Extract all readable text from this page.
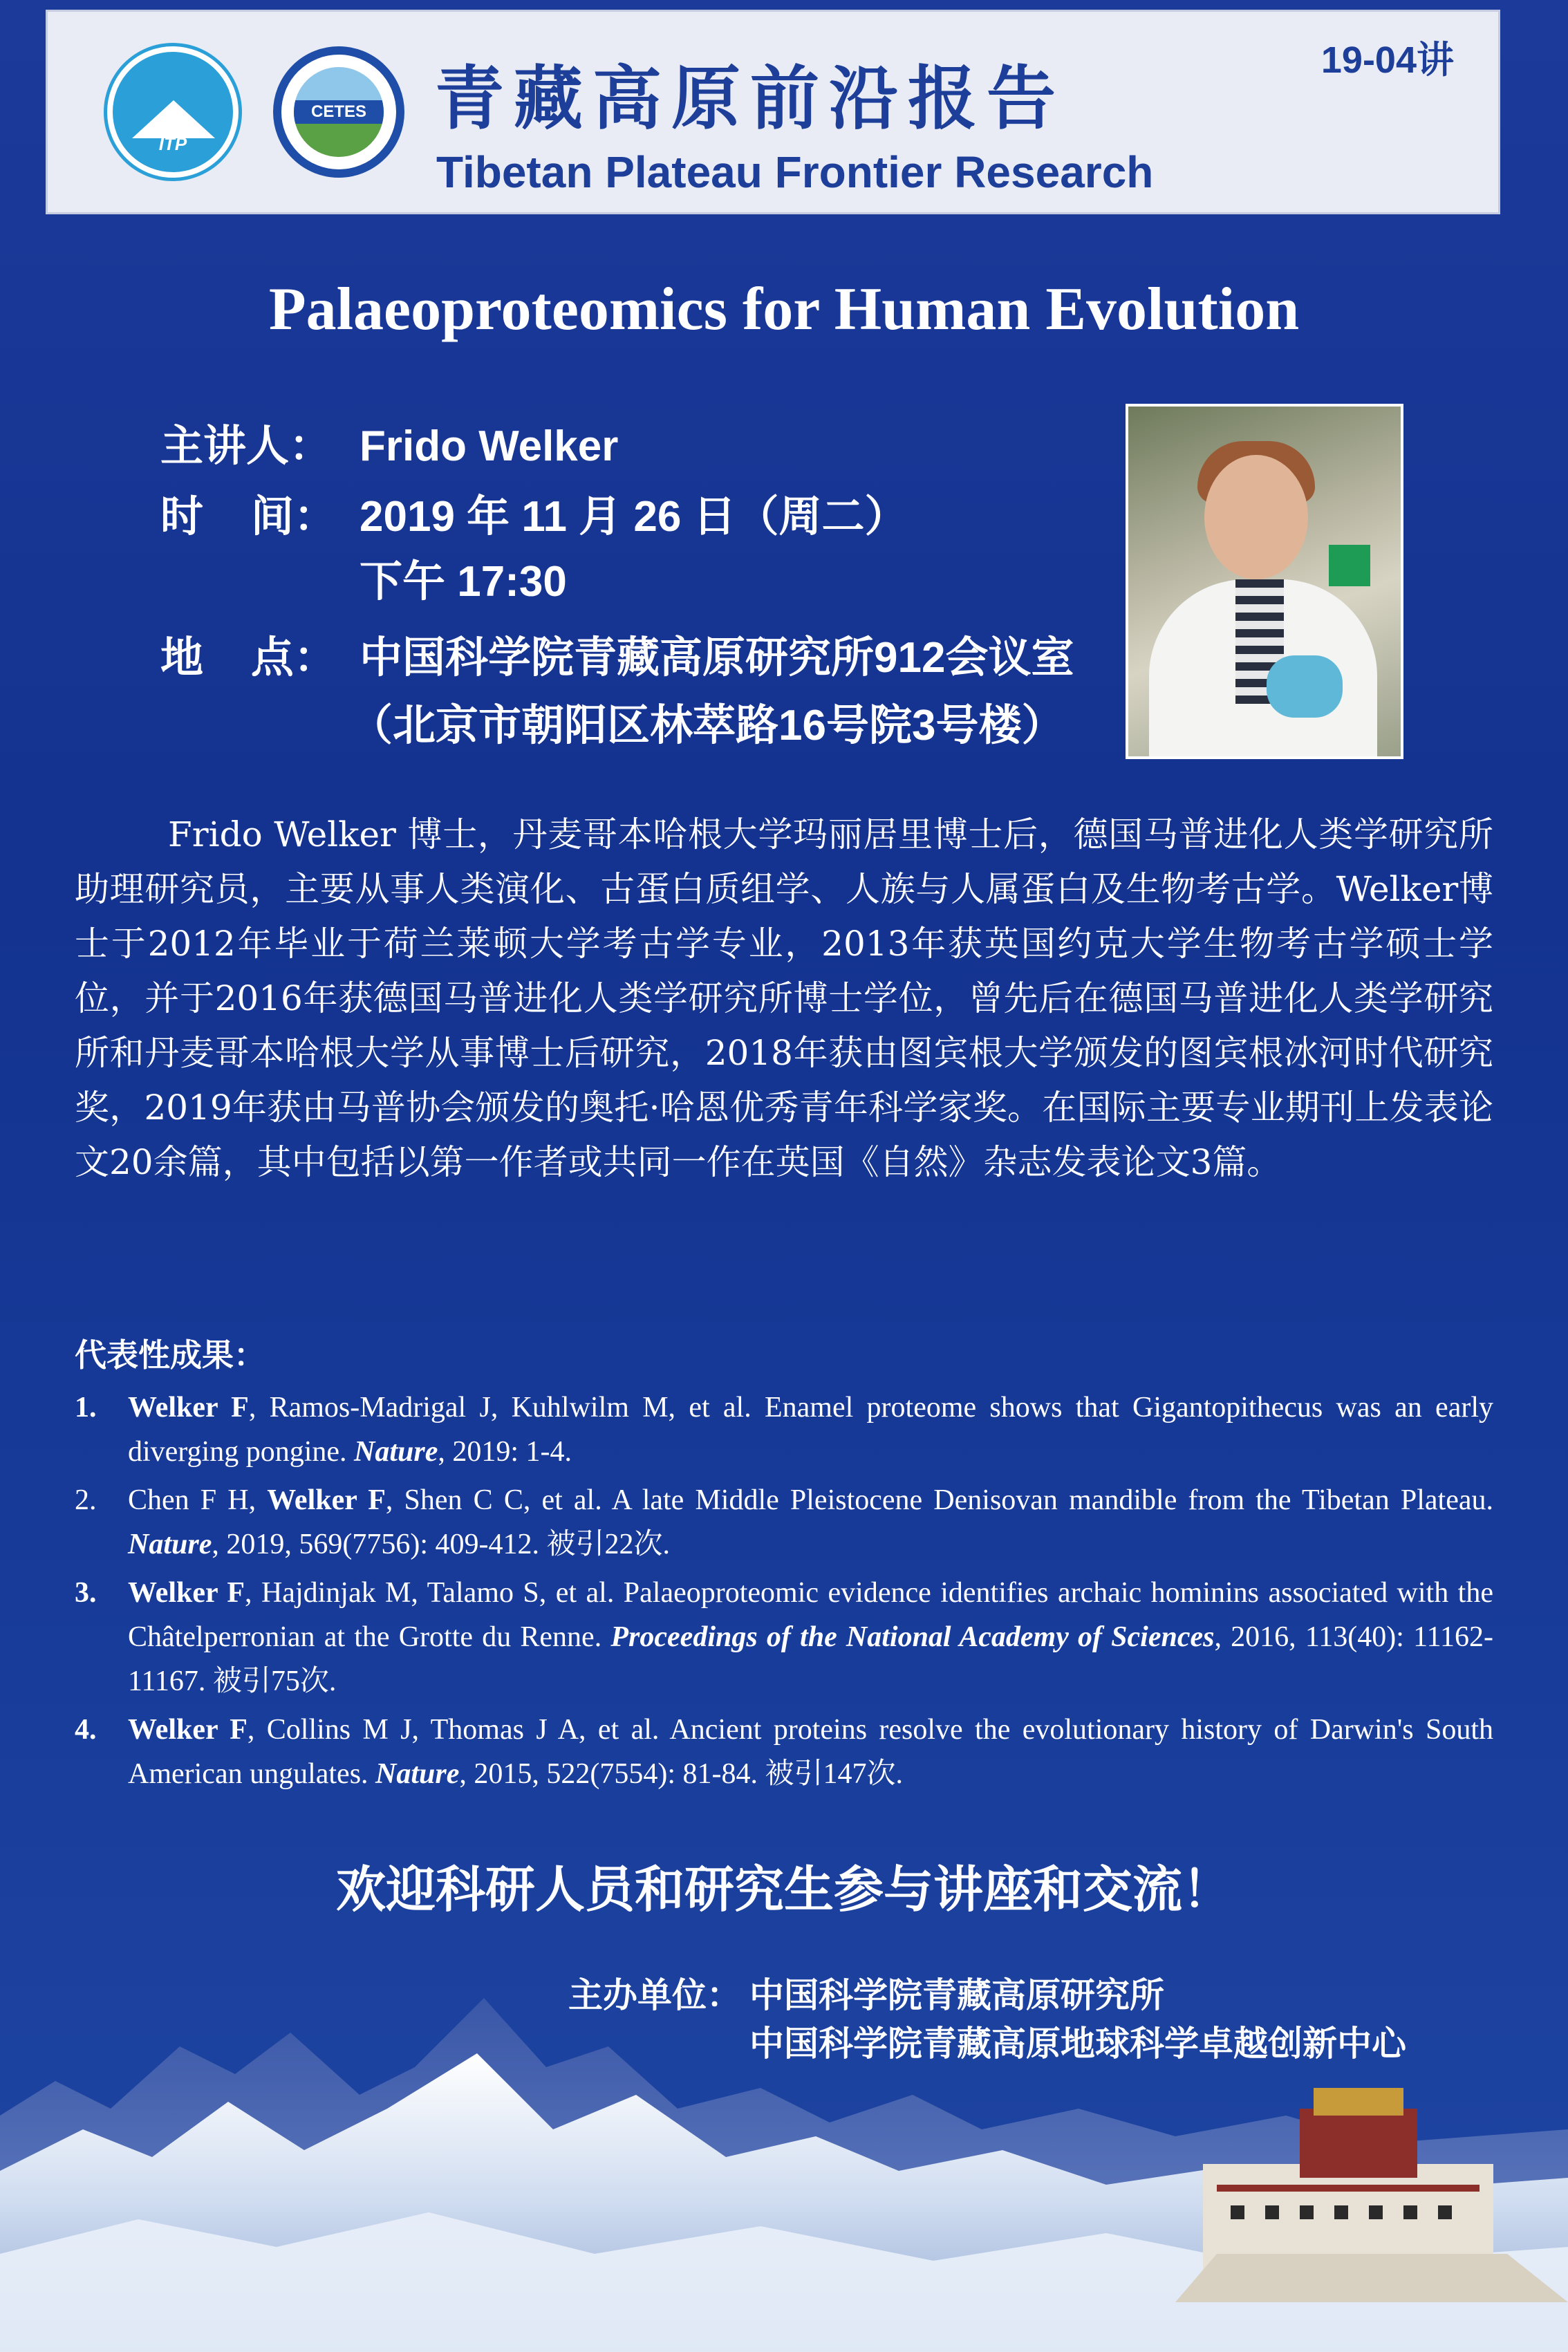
ITP
CETES 青藏高原前沿报告
Tibetan Plateau Frontier Research
19-04讲
Palaeoproteomics for Human Evolution
主讲人： Frido Welker
时    间： 2019 年 11 月 26 日（周二）
下午 17:30
地    点： 中国科学院青藏高原研究所912会议室
（北京市朝阳区林萃路16号院3号楼）
Frido Welker 博士，丹麦哥本哈根大学玛丽居里博士后，德国马普进化人类学研究所助理研究员，主要从事人类演化、古蛋白质组学、人族与人属蛋白及生物考古学。Welker博士于2012年毕业于荷兰莱顿大学考古学专业，2013年获英国约克大学生物考古学硕士学位，并于2016年获德国马普进化人类学研究所博士学位，曾先后在德国马普进化人类学研究所和丹麦哥本哈根大学从事博士后研究，2018年获由图宾根大学颁发的图宾根冰河时代研究奖，2019年获由马普协会颁发的奥托·哈恩优秀青年科学家奖。在国际主要专业期刊上发表论文20余篇，其中包括以第一作者或共同一作在英国《自然》杂志发表论文3篇。
代表性成果：
1. Welker F, Ramos-Madrigal J, Kuhlwilm M, et al. Enamel proteome shows that Gigantopithecus was an early diverging pongine. Nature, 2019: 1-4.
2. Chen F H, Welker F, Shen C C, et al. A late Middle Pleistocene Denisovan mandible from the Tibetan Plateau. Nature, 2019, 569(7756): 409-412. 被引22次.
3. Welker F, Hajdinjak M, Talamo S, et al. Palaeoproteomic evidence identifies archaic hominins associated with the Châtelperronian at the Grotte du Renne. Proceedings of the National Academy of Sciences, 2016, 113(40): 11162-11167. 被引75次.
4. Welker F, Collins M J, Thomas J A, et al. Ancient proteins resolve the evolutionary history of Darwin's South American ungulates. Nature, 2015, 522(7554): 81-84. 被引147次.
欢迎科研人员和研究生参与讲座和交流！
主办单位： 中国科学院青藏高原研究所
中国科学院青藏高原地球科学卓越创新中心
